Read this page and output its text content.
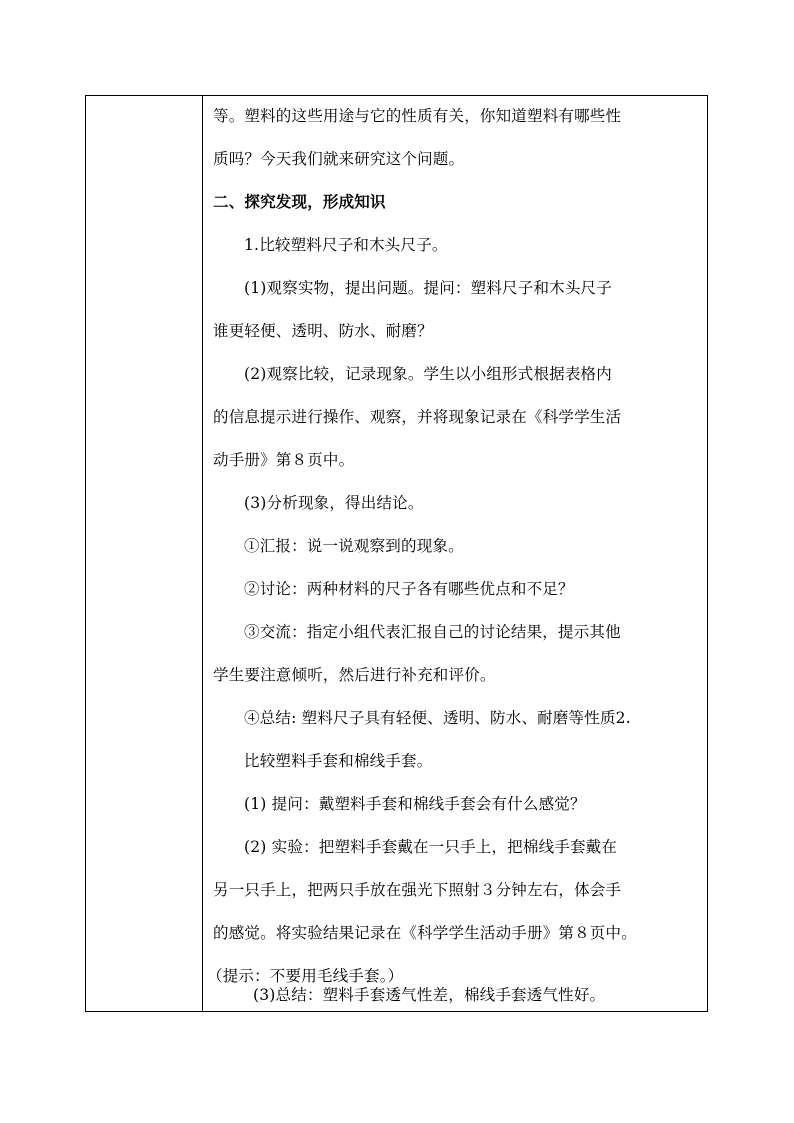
等。塑料的这些用途与它的性质有关，你知道塑料有哪些性
质吗？今天我们就来研究这个问题。
二、探究发现，形成知识
1.比较塑料尺子和木头尺子。
(1)观察实物，提出问题。提问：塑料尺子和木头尺子
谁更轻便、透明、防水、耐磨？
(2)观察比较，记录现象。学生以小组形式根据表格内
的信息提示进行操作、观察，并将现象记录在《科学学生活
动手册》第８页中。
(3)分析现象，得出结论。
①汇报：说一说观察到的现象。
②讨论：两种材料的尺子各有哪些优点和不足？
③交流：指定小组代表汇报自己的讨论结果，提示其他
学生要注意倾听，然后进行补充和评价。
④总结: 塑料尺子具有轻便、透明、防水、耐磨等性质2.
比较塑料手套和棉线手套。
(1) 提问：戴塑料手套和棉线手套会有什么感觉？
(2) 实验：把塑料手套戴在一只手上，把棉线手套戴在
另一只手上，把两只手放在强光下照射３分钟左右，体会手
的感觉。将实验结果记录在《科学学生活动手册》第８页中。
（提示：不要用毛线手套。）
(3)总结：塑料手套透气性差，棉线手套透气性好。
